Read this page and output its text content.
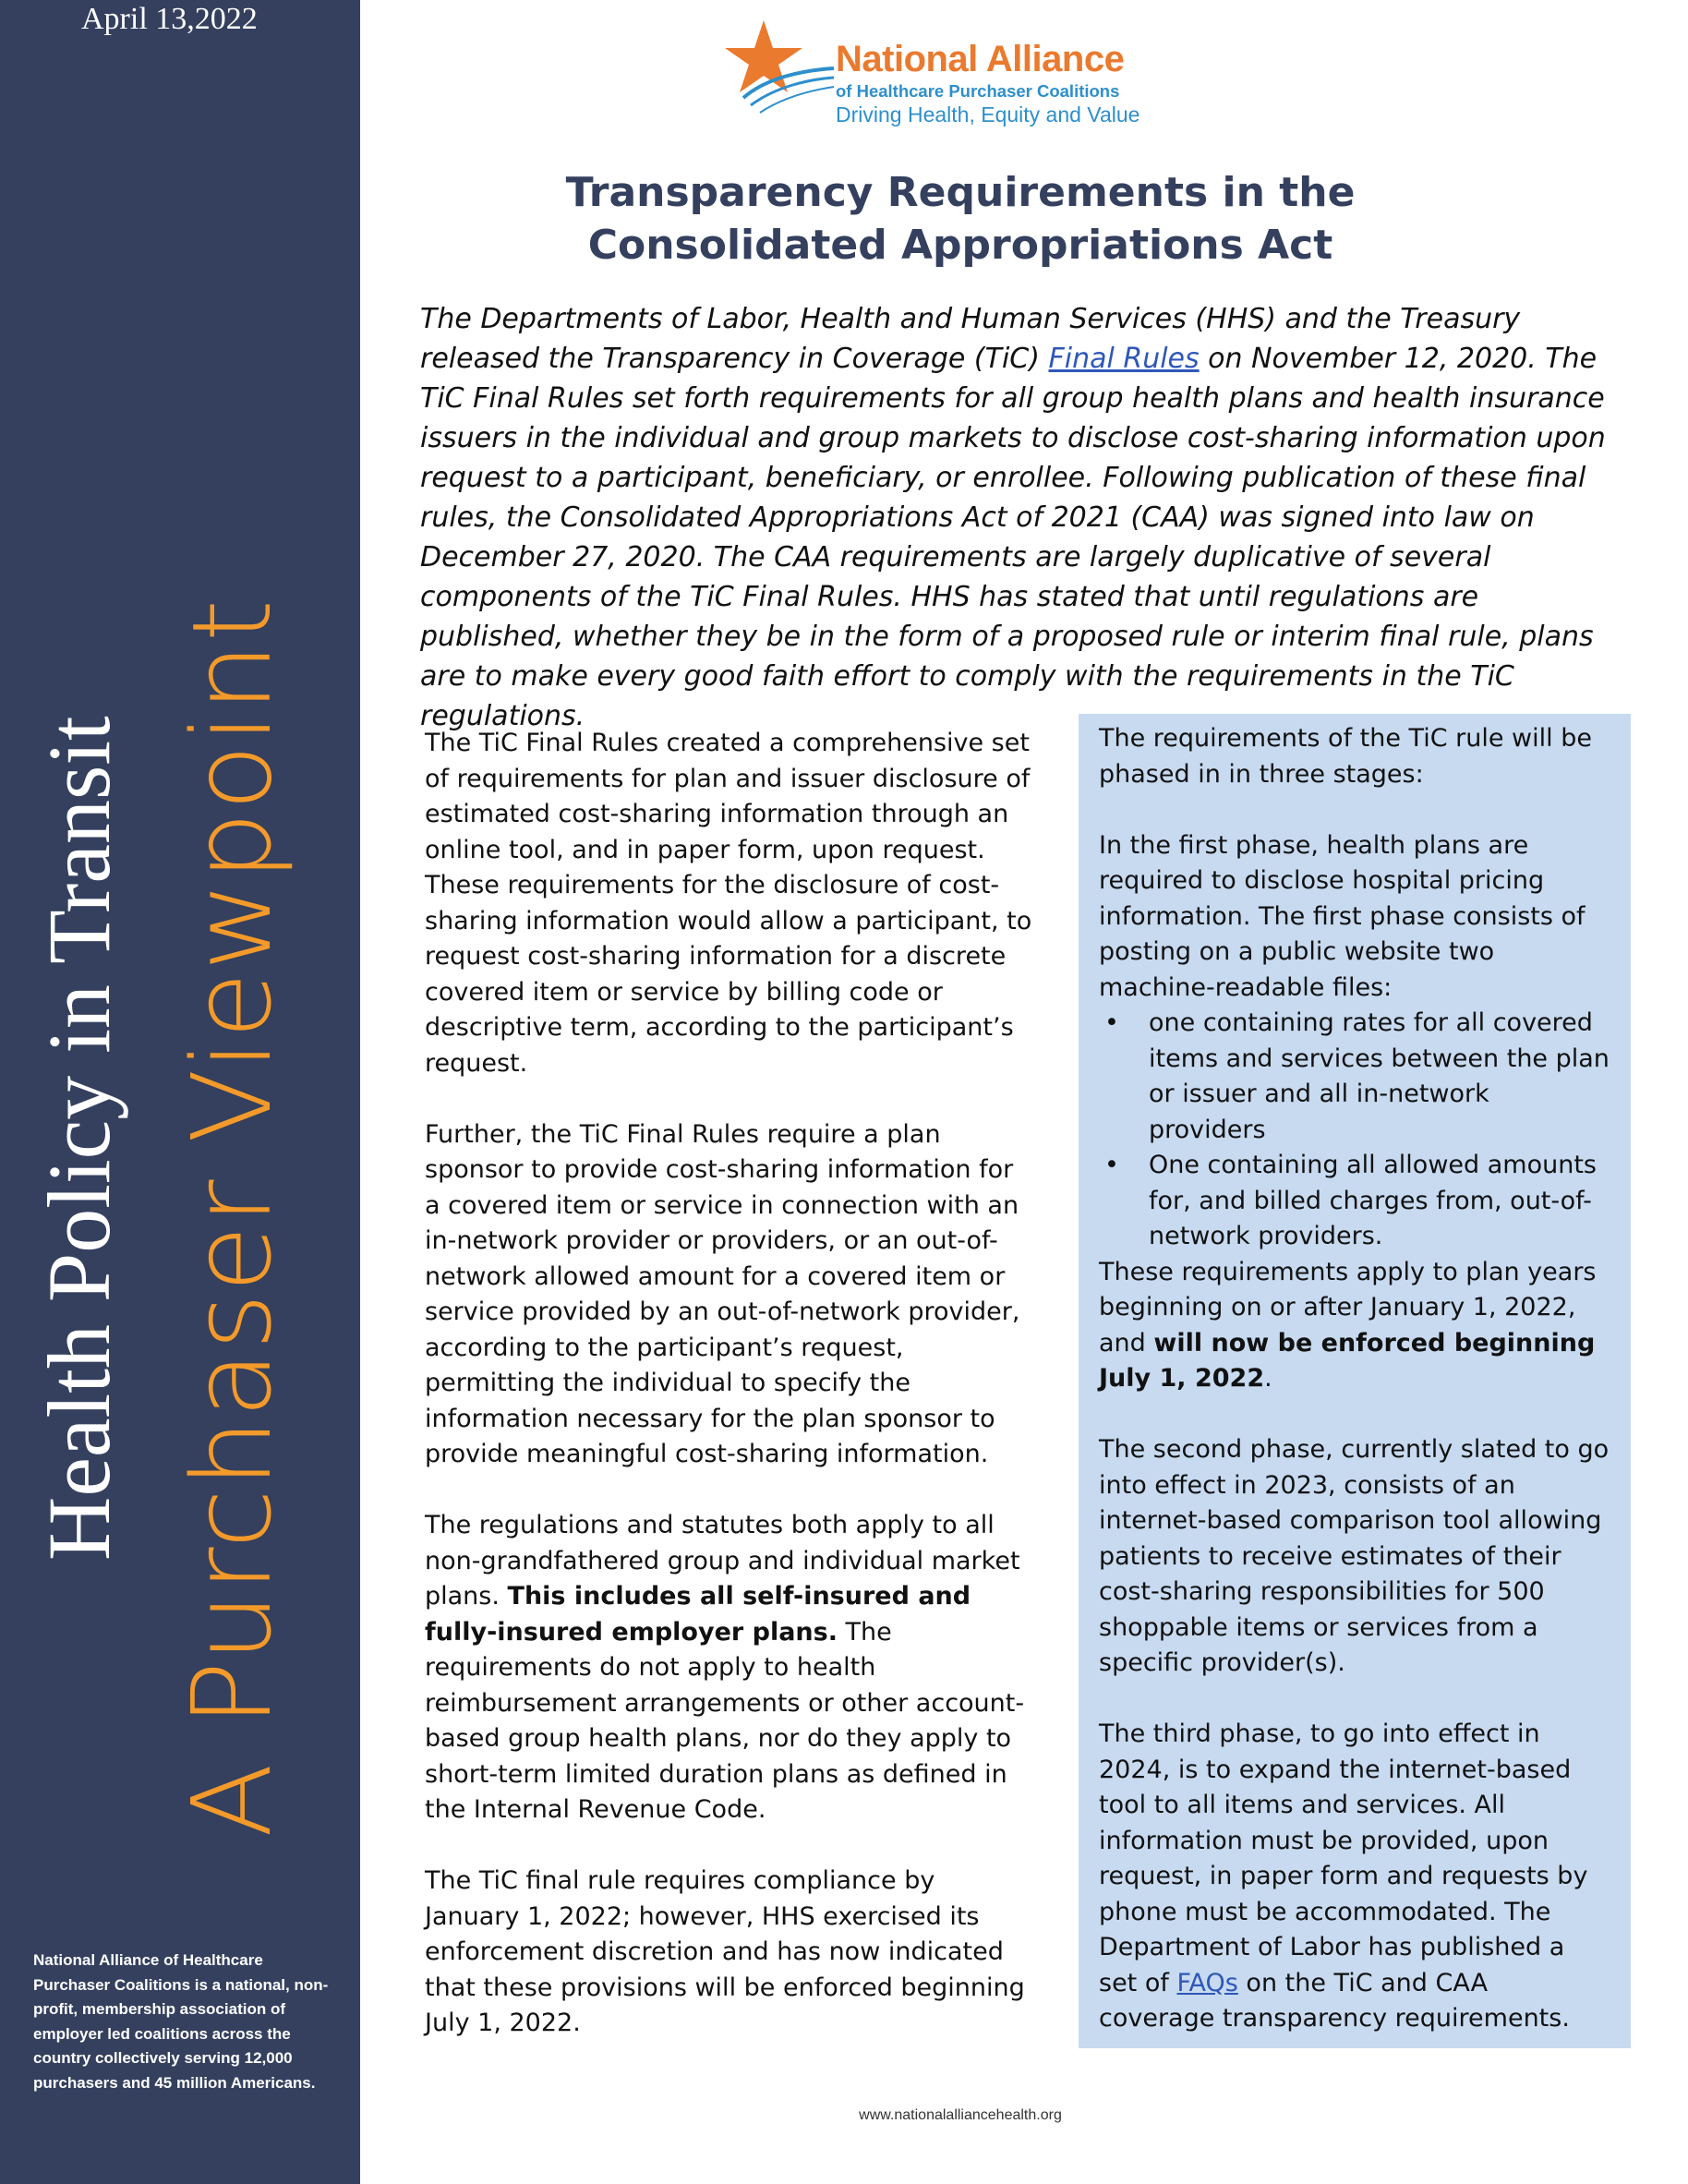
April 13,2022
Health Policy in Transit A Purchaser Viewpoint
National Alliance of Healthcare Purchaser Coalitions is a national, non-profit, membership association of employer led coalitions across the country collectively serving 12,000 purchasers and 45 million Americans.
National Alliance
of Healthcare Purchaser Coalitions
Driving Health, Equity and Value
Transparency Requirements in the
Consolidated Appropriations Act
The Departments of Labor, Health and Human Services (HHS) and the Treasury released the Transparency in Coverage (TiC) Final Rules on November 12, 2020. The TiC Final Rules set forth requirements for all group health plans and health insurance issuers in the individual and group markets to disclose cost-sharing information upon request to a participant, beneficiary, or enrollee. Following publication of these final rules, the Consolidated Appropriations Act of 2021 (CAA) was signed into law on December 27, 2020. The CAA requirements are largely duplicative of several components of the TiC Final Rules. HHS has stated that until regulations are published, whether they be in the form of a proposed rule or interim final rule, plans are to make every good faith effort to comply with the requirements in the TiC regulations.

The TiC Final Rules created a comprehensive set of requirements for plan and issuer disclosure of estimated cost-sharing information through an online tool, and in paper form, upon request. These requirements for the disclosure of cost-sharing information would allow a participant, to request cost-sharing information for a discrete covered item or service by billing code or descriptive term, according to the participant’s request.

Further, the TiC Final Rules require a plan sponsor to provide cost-sharing information for a covered item or service in connection with an in-network provider or providers, or an out-of-network allowed amount for a covered item or service provided by an out-of-network provider, according to the participant’s request, permitting the individual to specify the information necessary for the plan sponsor to provide meaningful cost-sharing information.

The regulations and statutes both apply to all non-grandfathered group and individual market plans. This includes all self-insured and fully-insured employer plans. The requirements do not apply to health reimbursement arrangements or other account-based group health plans, nor do they apply to short-term limited duration plans as defined in the Internal Revenue Code.

The TiC final rule requires compliance by January 1, 2022; however, HHS exercised its enforcement discretion and has now indicated that these provisions will be enforced beginning July 1, 2022.

The requirements of the TiC rule will be phased in in three stages:

In the first phase, health plans are required to disclose hospital pricing information. The first phase consists of posting on a public website two machine-readable files:

• one containing rates for all covered items and services between the plan or issuer and all in-network providers
• One containing all allowed amounts for, and billed charges from, out-of-network providers.

These requirements apply to plan years beginning on or after January 1, 2022, and will now be enforced beginning July 1, 2022.

The second phase, currently slated to go into effect in 2023, consists of an internet-based comparison tool allowing patients to receive estimates of their cost-sharing responsibilities for 500 shoppable items or services from a specific provider(s).

The third phase, to go into effect in 2024, is to expand the internet-based tool to all items and services. All information must be provided, upon request, in paper form and requests by phone must be accommodated. The Department of Labor has published a set of FAQs on the TiC and CAA coverage transparency requirements.

www.nationalalliancehealth.org
